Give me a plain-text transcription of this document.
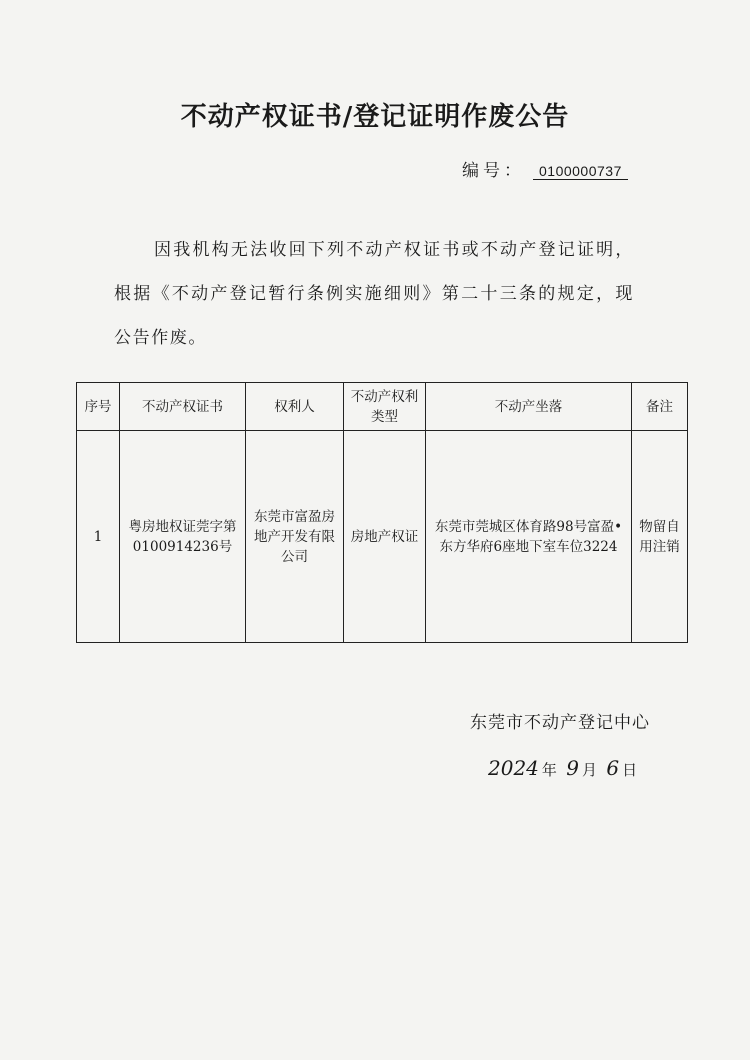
不动产权证书/登记证明作废公告
编号： 0100000737

因我机构无法收回下列不动产权证书或不动产登记证明，根据《不动产登记暂行条例实施细则》第二十三条的规定，现公告作废。

序号	不动产权证书	权利人	不动产权利类型	不动产坐落	备注
1	粤房地权证莞字第0100914236号	东莞市富盈房地产开发有限公司	房地产权证	东莞市莞城区体育路98号富盈•东方华府6座地下室车位3224	物留自用注销
东莞市不动产登记中心
2024 年 9 月 6 日
